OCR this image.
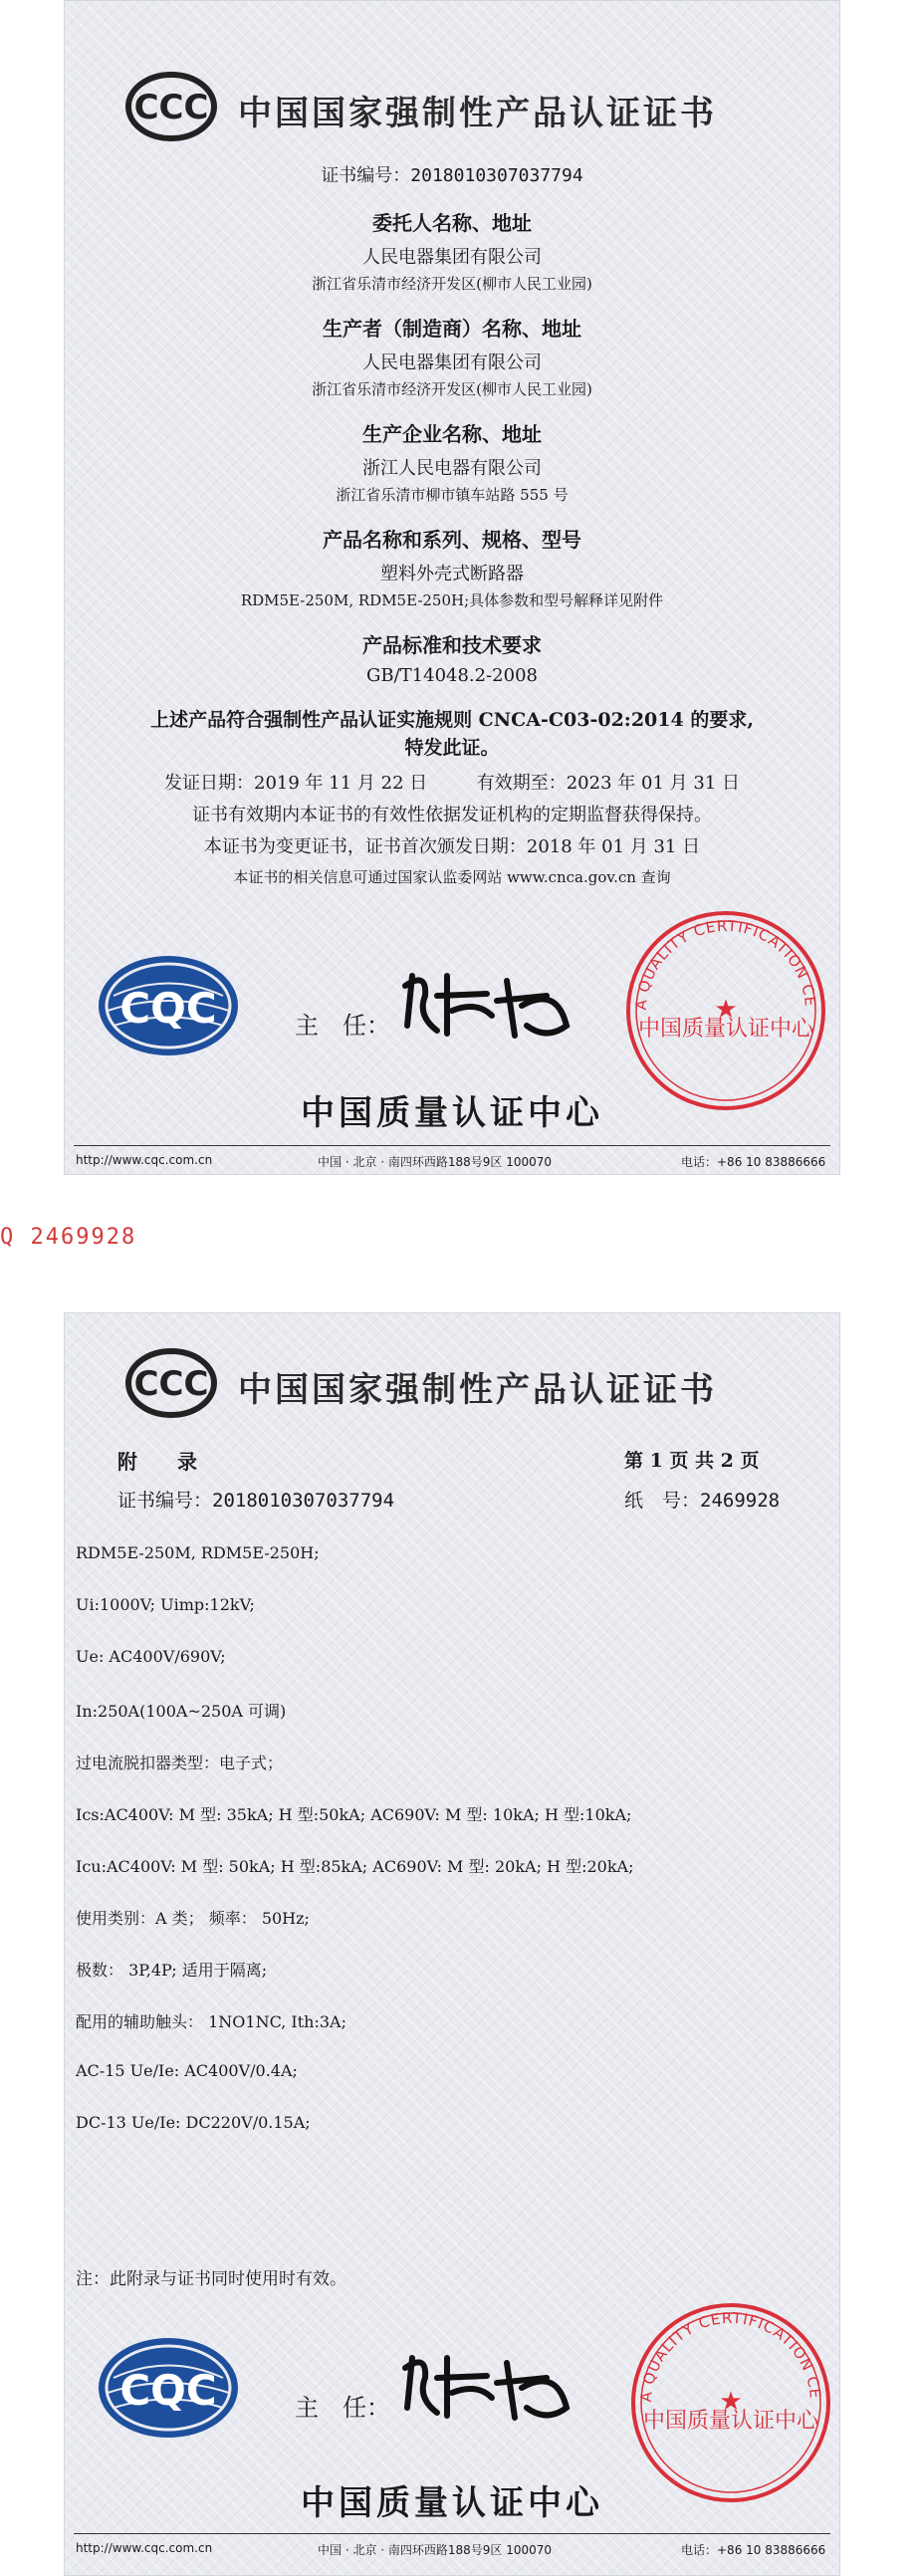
CCC 中国国家强制性产品认证证书
证书编号：2018010307037794
委托人名称、地址
人民电器集团有限公司
浙江省乐清市经济开发区(柳市人民工业园)
生产者（制造商）名称、地址
人民电器集团有限公司
浙江省乐清市经济开发区(柳市人民工业园)
生产企业名称、地址
浙江人民电器有限公司
浙江省乐清市柳市镇车站路 555 号
产品名称和系列、规格、型号
塑料外壳式断路器
RDM5E-250M, RDM5E-250H;具体参数和型号解释详见附件
产品标准和技术要求
GB/T14048.2-2008
上述产品符合强制性产品认证实施规则 CNCA-C03-02:2014 的要求,
特发此证。
发证日期：2019 年 11 月 22 日	有效期至：2023 年 01 月 31 日
证书有效期内本证书的有效性依据发证机构的定期监督获得保持。
本证书为变更证书，证书首次颁发日期：2018 年 01 月 31 日
本证书的相关信息可通过国家认监委网站 www.cnca.gov.cn 查询
CQC	主　任：
A QUALITY CERTIFICATION CE
中国质量认证中心
★
中国质量认证中心
http://www.cqc.com.cn	中国 · 北京 · 南四环西路188号9区 100070	电话：+86 10 83886666
Q 2469928
CCC 中国国家强制性产品认证证书
附　　录	第 1 页 共 2 页
证书编号：2018010307037794	纸　号：2469928
RDM5E-250M, RDM5E-250H;
Ui:1000V; Uimp:12kV;
Ue: AC400V/690V;
In:250A(100A~250A 可调)
过电流脱扣器类型：电子式；
Ics:AC400V: M 型: 35kA; H 型:50kA; AC690V: M 型: 10kA; H 型:10kA;
Icu:AC400V: M 型: 50kA; H 型:85kA; AC690V: M 型: 20kA; H 型:20kA;
使用类别：A 类； 频率： 50Hz;
极数： 3P,4P; 适用于隔离;
配用的辅助触头： 1NO1NC, Ith:3A;
AC-15 Ue/Ie: AC400V/0.4A;
DC-13 Ue/Ie: DC220V/0.15A;
注：此附录与证书同时使用时有效。
CQC	主　任：	A QUALITY CERTIFICATION CE
中国质量认证中心
★
中国质量认证中心
http://www.cqc.com.cn	中国 · 北京 · 南四环西路188号9区 100070	电话：+86 10 83886666
